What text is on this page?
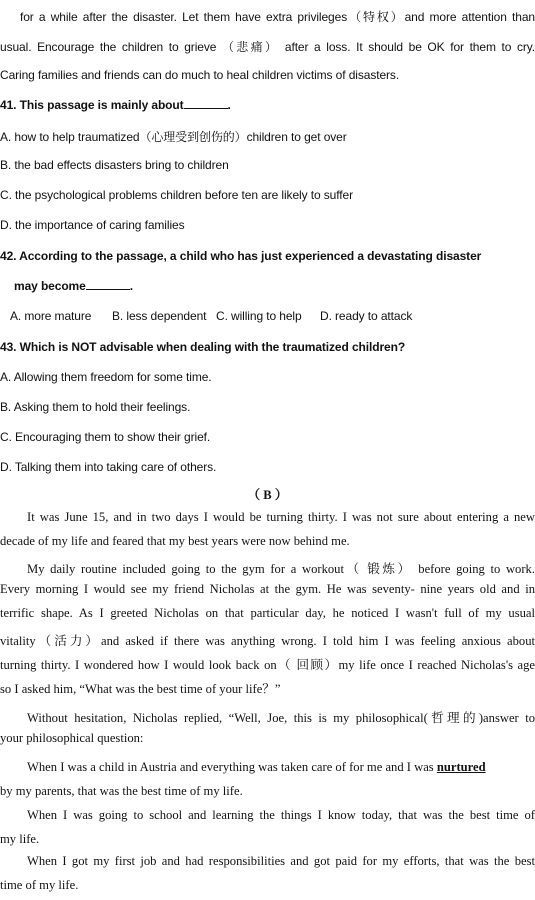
for a while after the disaster. Let them have extra privileges（特权）and more attention than
usual. Encourage the children to grieve （悲痛） after a loss. It should be OK for them to cry.
Caring families and friends can do much to heal children victims of disasters.
41. This passage is mainly about	.
A. how to help traumatized（心理受到创伤的）children to get over
B. the bad effects disasters bring to children
C. the psychological problems children before ten are likely to suffer
D. the importance of caring families
42. According to the passage, a child who has just experienced a devastating disaster
may become	.
A. more mature B. less dependent C. willing to help D. ready to attack
43. Which is NOT advisable when dealing with the traumatized children?
A. Allowing them freedom for some time.
B. Asking them to hold their feelings.
C. Encouraging them to show their grief.
D. Talking them into taking care of others.
（ B ）
It was June 15, and in two days I would be turning thirty. I was not sure about entering a new
decade of my life and feared that my best years were now behind me.
My daily routine included going to the gym for a workout（ 锻炼） before going to work.
Every morning I would see my friend Nicholas at the gym. He was seventy- nine years old and in
terrific shape. As I greeted Nicholas on that particular day, he noticed I wasn't full of my usual
vitality（活力）and asked if there was anything wrong. I told him I was feeling anxious about
turning thirty. I wondered how I would look back on（ 回顾）my life once I reached Nicholas's age
so I asked him, “What was the best time of your life？”
Without hesitation, Nicholas replied, “Well, Joe, this is my philosophical(哲理的)answer to
your philosophical question:
When I was a child in Austria and everything was taken care of for me and I was nurtured
by my parents, that was the best time of my life.
When I was going to school and learning the things I know today, that was the best time of
my life.
When I got my first job and had responsibilities and got paid for my efforts, that was the best
time of my life.
